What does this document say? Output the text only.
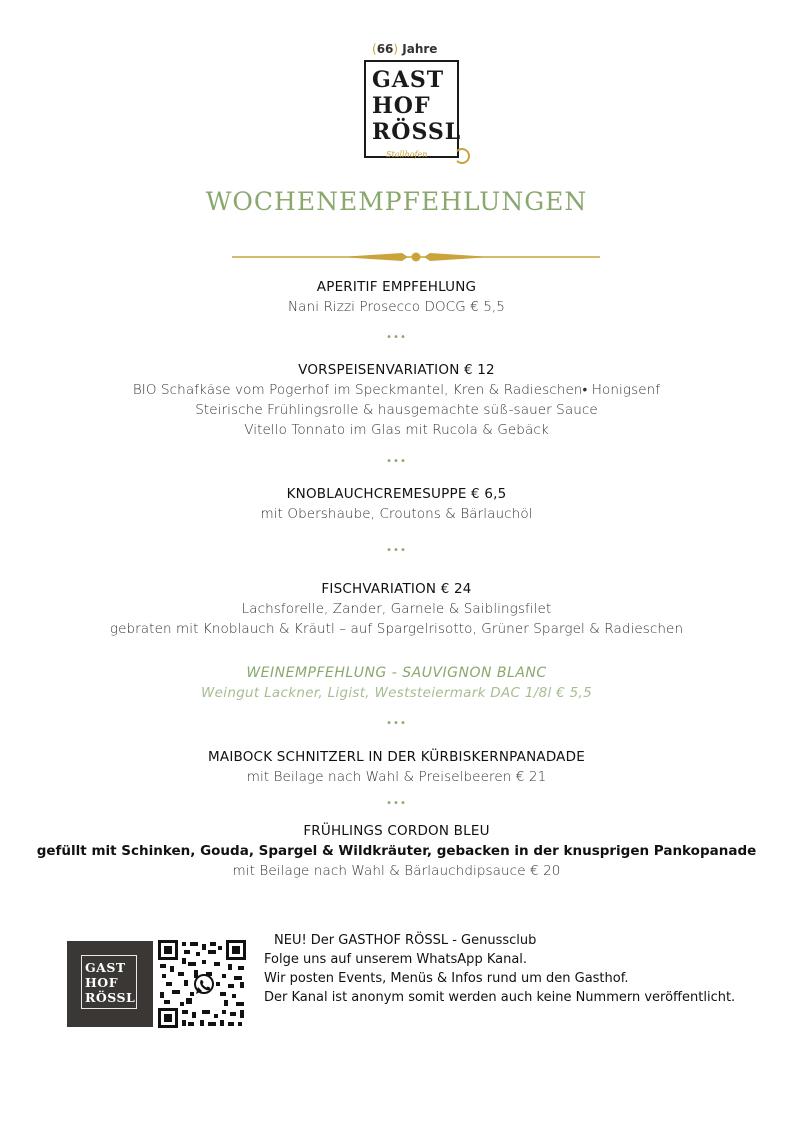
(66) Jahre
GAST
HOF
RÖSSL
Stallhofen
WOCHENEMPFEHLUNGEN
APERITIF EMPFEHLUNG
Nani Rizzi Prosecco DOCG € 5,5
•••
VORSPEISENVARIATION € 12
BIO Schafkäse vom Pogerhof im Speckmantel, Kren & Radieschen• Honigsenf
Steirische Frühlingsrolle & hausgemachte süß-sauer Sauce
Vitello Tonnato im Glas mit Rucola & Gebäck
•••
KNOBLAUCHCREMESUPPE € 6,5
mit Obershaube, Croutons & Bärlauchöl
•••
FISCHVARIATION € 24
Lachsforelle, Zander, Garnele & Saiblingsfilet
gebraten mit Knoblauch & Kräutl – auf Spargelrisotto, Grüner Spargel & Radieschen
WEINEMPFEHLUNG - SAUVIGNON BLANC
Weingut Lackner, Ligist, Weststeiermark DAC 1/8l € 5,5
•••
MAIBOCK SCHNITZERL IN DER KÜRBISKERNPANADADE
mit Beilage nach Wahl & Preiselbeeren € 21
•••
FRÜHLINGS CORDON BLEU
gefüllt mit Schinken, Gouda, Spargel & Wildkräuter, gebacken in der knusprigen Pankopanade
mit Beilage nach Wahl & Bärlauchdipsauce € 20
GAST
HOF
RÖSSL
NEU! Der GASTHOF RÖSSL - Genussclub
Folge uns auf unserem WhatsApp Kanal.
Wir posten Events, Menüs & Infos rund um den Gasthof.
Der Kanal ist anonym somit werden auch keine Nummern veröffentlicht.
